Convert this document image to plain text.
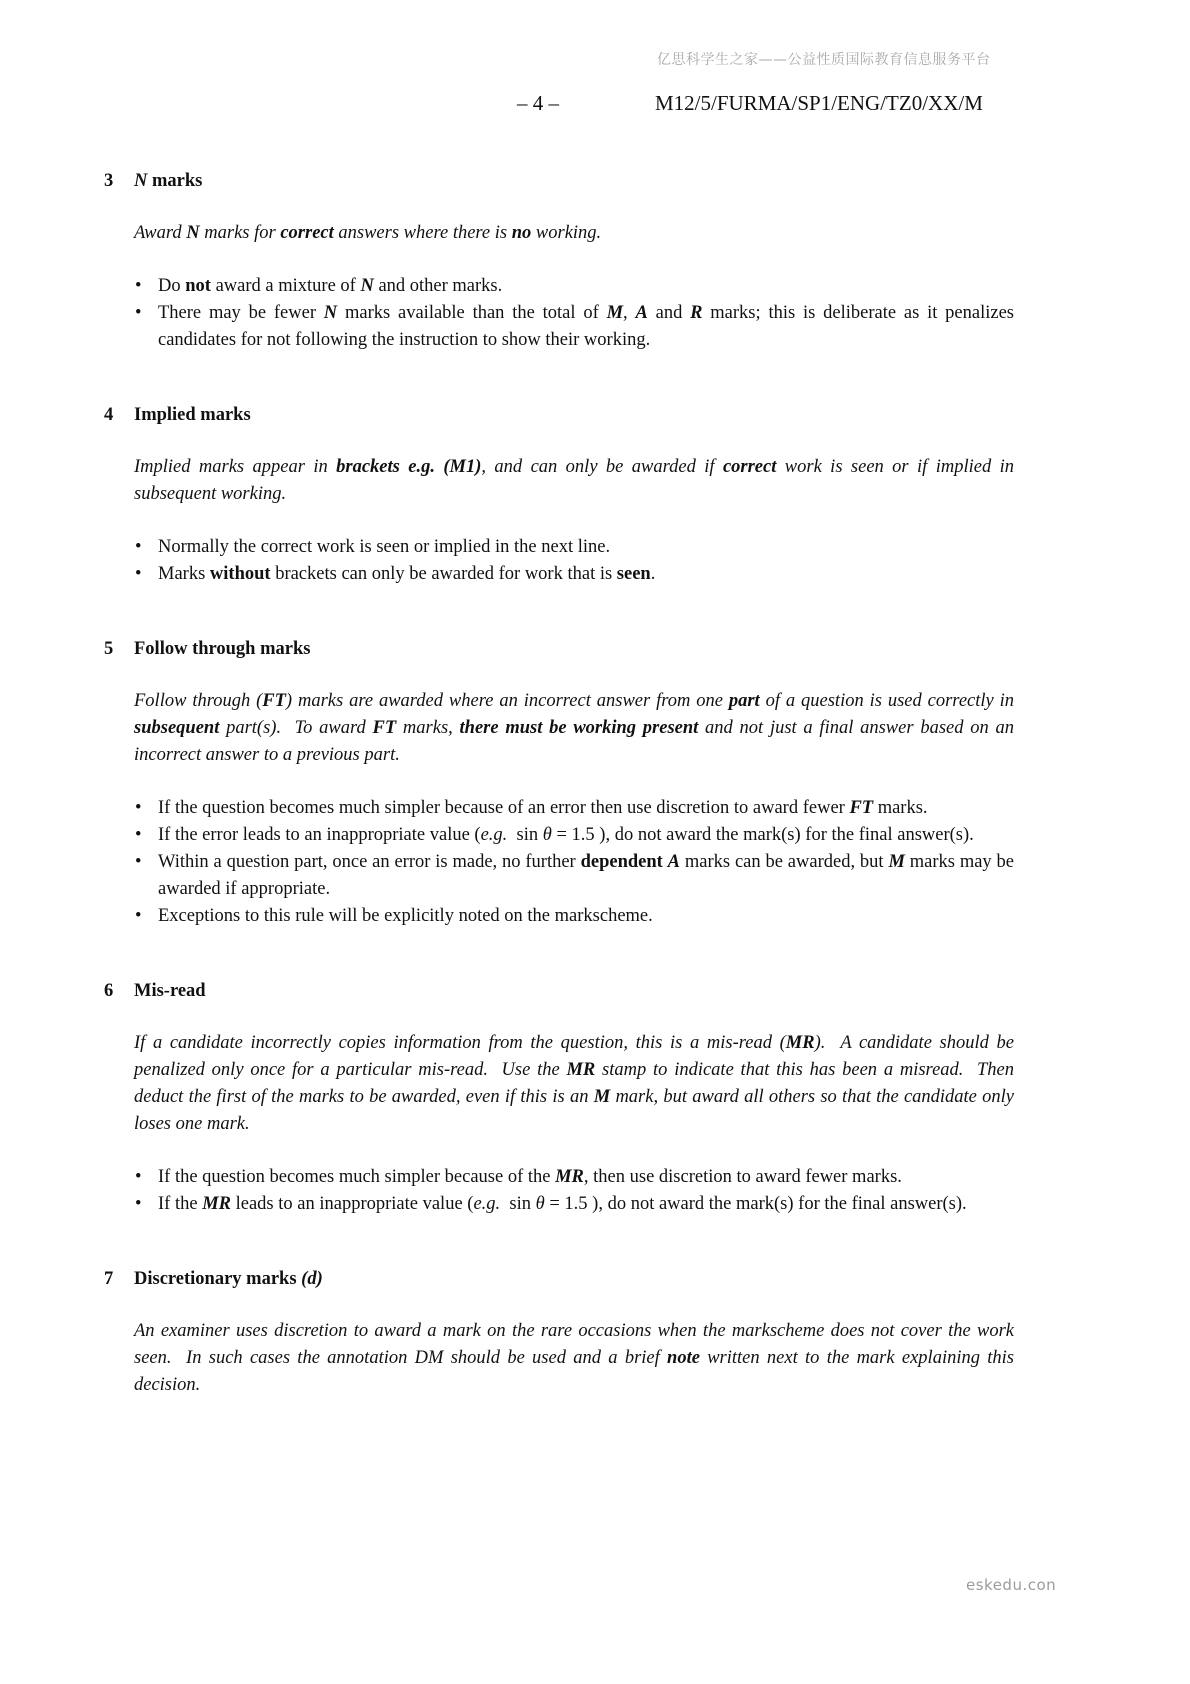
亿思科学生之家——公益性质国际教育信息服务平台
– 4 –	M12/5/FURMA/SP1/ENG/TZ0/XX/M
3	N marks

Award N marks for correct answers where there is no working.

• Do not award a mixture of N and other marks.
• There may be fewer N marks available than the total of M, A and R marks; this is deliberate as it penalizes candidates for not following the instruction to show their working.
4	Implied marks

Implied marks appear in brackets e.g. (M1), and can only be awarded if correct work is seen or if implied in subsequent working.

• Normally the correct work is seen or implied in the next line.
• Marks without brackets can only be awarded for work that is seen.
5	Follow through marks

Follow through (FT) marks are awarded where an incorrect answer from one part of a question is used correctly in subsequent part(s).  To award FT marks, there must be working present and not just a final answer based on an incorrect answer to a previous part.

• If the question becomes much simpler because of an error then use discretion to award fewer FT marks.
• If the error leads to an inappropriate value (e.g.  sin θ = 1.5 ), do not award the mark(s) for the final answer(s).
• Within a question part, once an error is made, no further dependent A marks can be awarded, but M marks may be awarded if appropriate.
• Exceptions to this rule will be explicitly noted on the markscheme.
6	Mis-read

If a candidate incorrectly copies information from the question, this is a mis-read (MR).  A candidate should be penalized only once for a particular mis-read.  Use the MR stamp to indicate that this has been a misread.  Then deduct the first of the marks to be awarded, even if this is an M mark, but award all others so that the candidate only loses one mark.

• If the question becomes much simpler because of the MR, then use discretion to award fewer marks.
• If the MR leads to an inappropriate value (e.g.  sin θ = 1.5 ), do not award the mark(s) for the final answer(s).
7	Discretionary marks (d)

An examiner uses discretion to award a mark on the rare occasions when the markscheme does not cover the work seen.  In such cases the annotation DM should be used and a brief note written next to the mark explaining this decision.

eskedu.con
